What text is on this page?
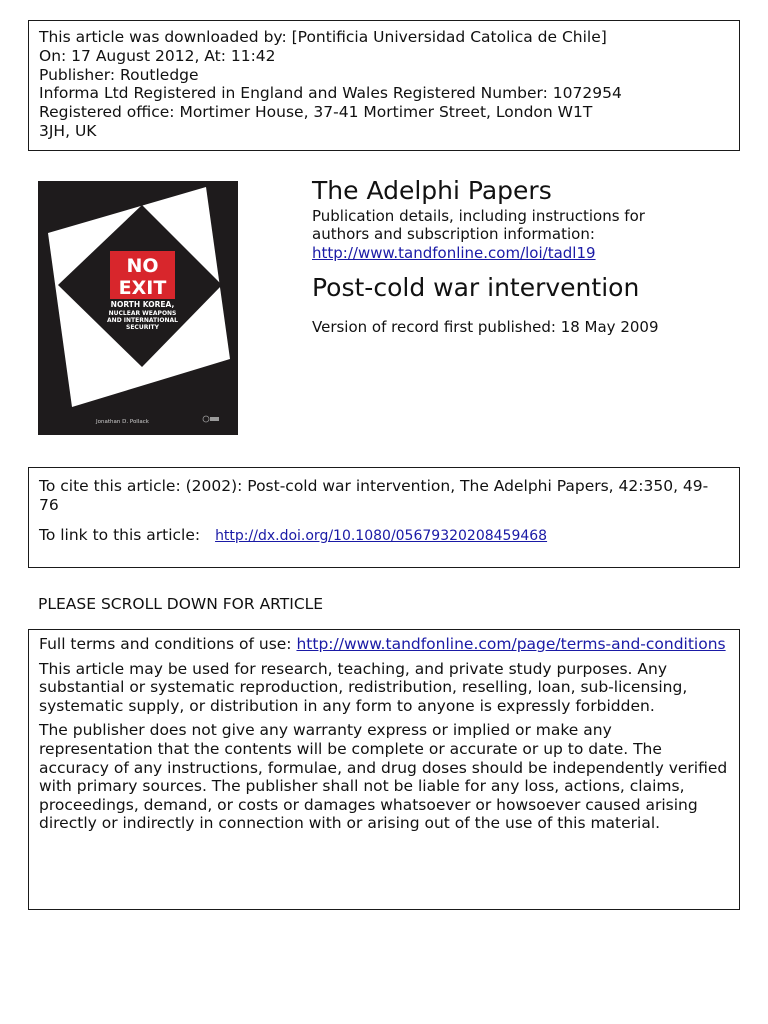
This article was downloaded by: [Pontificia Universidad Catolica de Chile]
On: 17 August 2012, At: 11:42
Publisher: Routledge
Informa Ltd Registered in England and Wales Registered Number: 1072954
Registered office: Mortimer House, 37-41 Mortimer Street, London W1T
3JH, UK
NO
EXIT
NORTH KOREA,
NUCLEAR WEAPONS
AND INTERNATIONAL
SECURITY
Jonathan D. Pollack
The Adelphi Papers
Publication details, including instructions for
authors and subscription information:
http://www.tandfonline.com/loi/tadl19
Post-cold war intervention
Version of record first published: 18 May 2009

To cite this article: (2002): Post-cold war intervention, The Adelphi Papers, 42:350, 49-76

To link to this article: http://dx.doi.org/10.1080/05679320208459468
PLEASE SCROLL DOWN FOR ARTICLE

Full terms and conditions of use: http://www.tandfonline.com/page/terms-and-conditions

This article may be used for research, teaching, and private study purposes. Any substantial or systematic reproduction, redistribution, reselling, loan, sub-licensing, systematic supply, or distribution in any form to anyone is expressly forbidden.

The publisher does not give any warranty express or implied or make any representation that the contents will be complete or accurate or up to date. The accuracy of any instructions, formulae, and drug doses should be independently verified with primary sources. The publisher shall not be liable for any loss, actions, claims, proceedings, demand, or costs or damages whatsoever or howsoever caused arising directly or indirectly in connection with or arising out of the use of this material.
